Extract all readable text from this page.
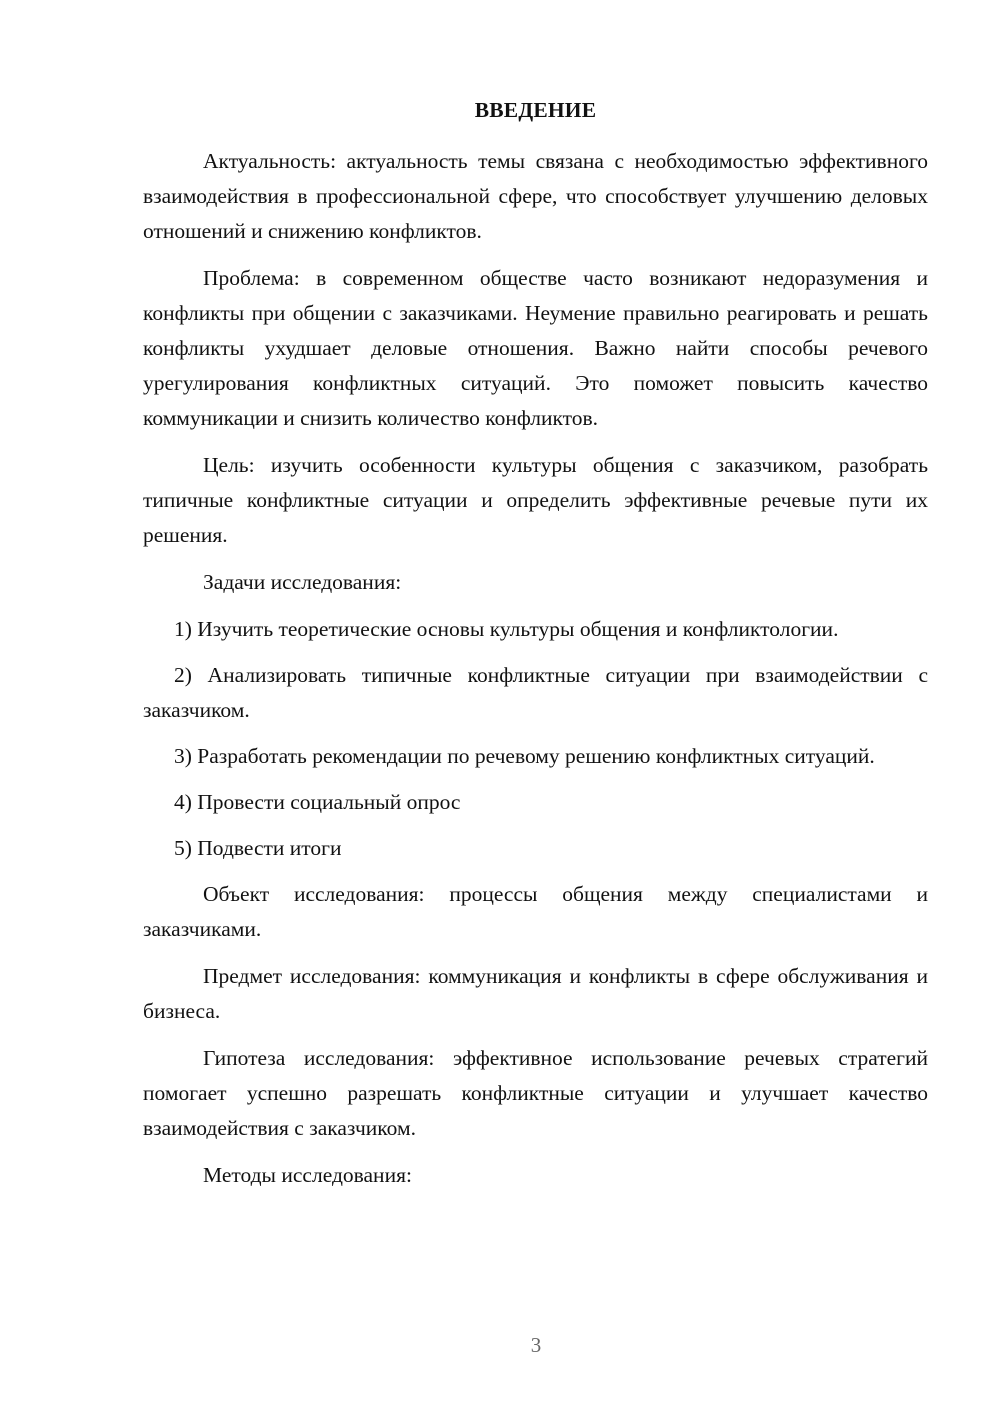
ВВЕДЕНИЕ

Актуальность: актуальность темы связана с необходимостью эффективного взаимодействия в профессиональной сфере, что способствует улучшению деловых отношений и снижению конфликтов.

Проблема: в современном обществе часто возникают недоразумения и конфликты при общении с заказчиками. Неумение правильно реагировать и решать конфликты ухудшает деловые отношения. Важно найти способы речевого урегулирования конфликтных ситуаций. Это поможет повысить качество коммуникации и снизить количество конфликтов.

Цель: изучить особенности культуры общения с заказчиком, разобрать типичные конфликтные ситуации и определить эффективные речевые пути их решения.

Задачи исследования:

1) Изучить теоретические основы культуры общения и конфликтологии.

2) Анализировать типичные конфликтные ситуации при взаимодействии с заказчиком.

3) Разработать рекомендации по речевому решению конфликтных ситуаций.

4) Провести социальный опрос

5) Подвести итоги

Объект исследования: процессы общения между специалистами и заказчиками.

Предмет исследования: коммуникация и конфликты в сфере обслуживания и бизнеса.

Гипотеза исследования: эффективное использование речевых стратегий помогает успешно разрешать конфликтные ситуации и улучшает качество взаимодействия с заказчиком.

Методы исследования:

3
